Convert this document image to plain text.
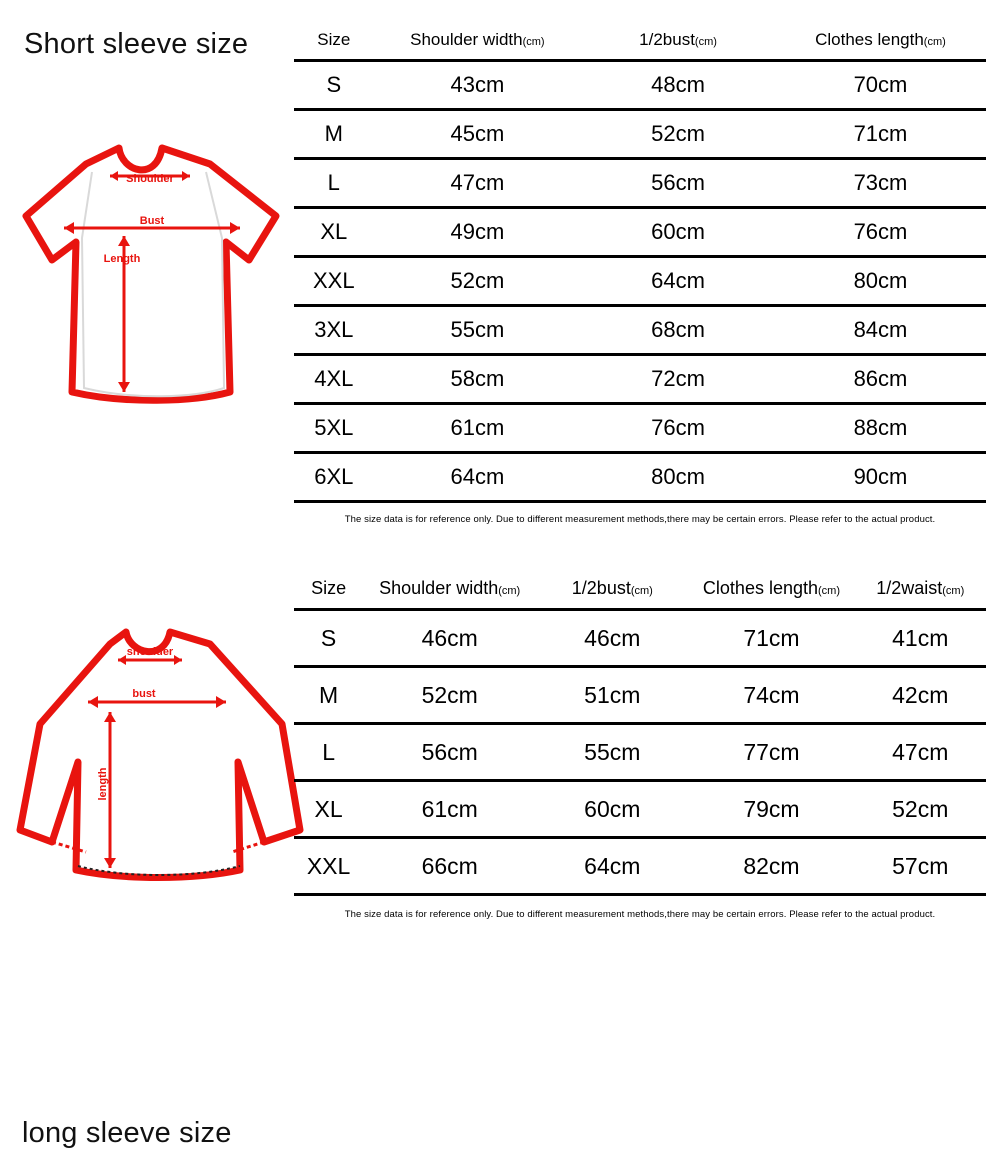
Short sleeve size
Shoulder
Bust
Length
Size	Shoulder width(cm)	1/2bust(cm)	Clothes length(cm)
S	43cm	48cm	70cm
M	45cm	52cm	71cm
L	47cm	56cm	73cm
XL	49cm	60cm	76cm
XXL	52cm	64cm	80cm
3XL	55cm	68cm	84cm
4XL	58cm	72cm	86cm
5XL	61cm	76cm	88cm
6XL	64cm	80cm	90cm
The size data is for reference only. Due to different measurement methods,there may be certain errors. Please refer to the actual product.
long sleeve size
shoulder
bust
length
Size	Shoulder width(cm)	1/2bust(cm)	Clothes length(cm)	1/2waist(cm)
S	46cm	46cm	71cm	41cm
M	52cm	51cm	74cm	42cm
L	56cm	55cm	77cm	47cm
XL	61cm	60cm	79cm	52cm
XXL	66cm	64cm	82cm	57cm
The size data is for reference only. Due to different measurement methods,there may be certain errors. Please refer to the actual product.
